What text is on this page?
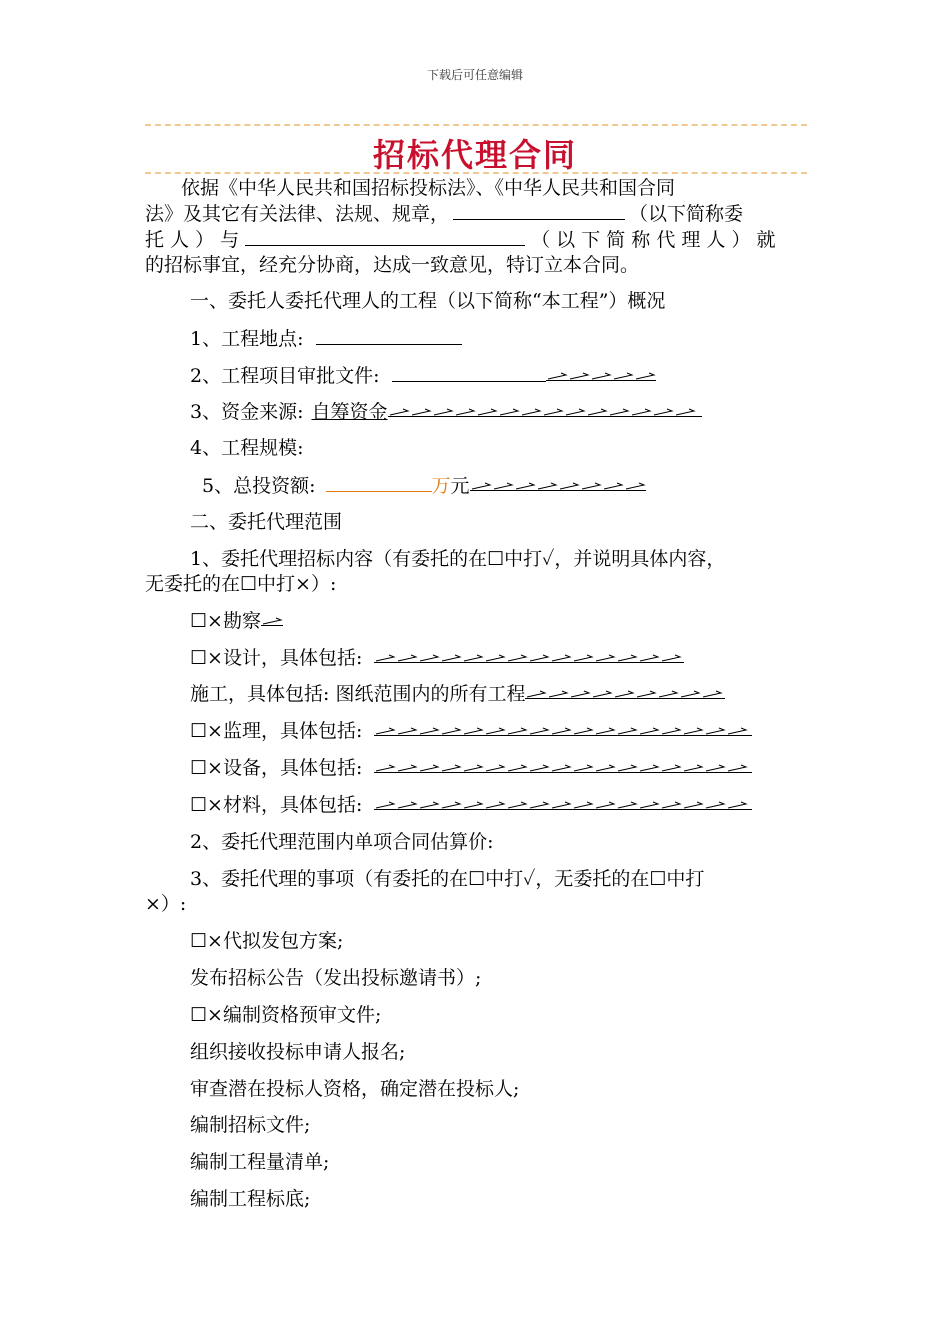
下载后可任意编辑
招标代理合同
依据《中华人民共和国招标投标法》、《中华人民共和国合同
法》及其它有关法律、法规、规章，	（以下简称委
托 人 ） 与	（ 以 下 简 称 代 理 人 ） 就
的招标事宜，经充分协商，达成一致意见，特订立本合同。
一、委托人委托代理人的工程（以下简称“本工程”）概况
1、工程地点:
2、工程项目审批文件:
3、资金来源: 自筹资金
4、工程规模:
5、总投资额:	万元
二、委托代理范围
1、委托代理招标内容（有委托的在☐中打✓，并说明具体内容，
无委托的在☐中打×）:
☐×勘察
☐×设计，具体包括:
施工，具体包括: 图纸范围内的所有工程
☐×监理，具体包括:
☐×设备，具体包括:
☐×材料，具体包括:
2、委托代理范围内单项合同估算价:
3、委托代理的事项（有委托的在☐中打✓，无委托的在☐中打
×）:
☐×代拟发包方案;
发布招标公告（发出投标邀请书）;
☐×编制资格预审文件;
组织接收投标申请人报名;
审查潜在投标人资格，确定潜在投标人;
编制招标文件;
编制工程量清单;
编制工程标底;
